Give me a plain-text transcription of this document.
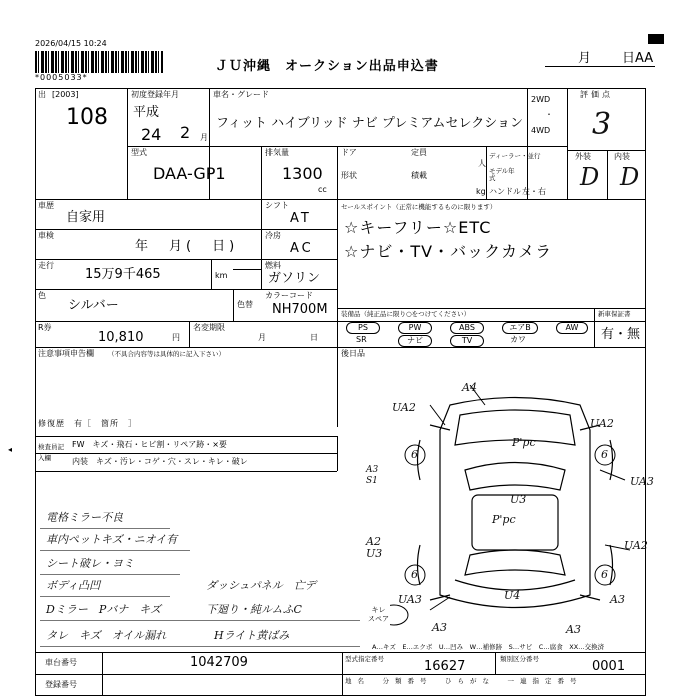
2026/04/15 10:24
*0005033*
ＪＵ沖縄　オークション出品申込書
月 日AA
出 [2003]
108
初度登録年月
平成
24 2 月
車名・グレード
フィット ハイブリッド ナビ プレミアムセレクション
2WD
・
4WD
型式
DAA-GP1
排気量
1300
cc
ドア	定員
人
形状	積載
kg
ディーラー・並行
モデル年式
ハンドル 左・右
評価点
3
外装	内装
D D
車歴
自家用
車検
年　月(　日)
走行
15万9千465	km
色
シルバー	色替
シフト
AT
冷房
AC
燃料
ガソリン
カラーコード
NH700M
セールスポイント（正常に機能するものに限ります）
☆キーフリー☆ETC
☆ナビ・TV・バックカメラ
R券
10,810	円
名変期限
月　日
装備品（純正品に限り○をつけてください）
PS	PW	ABS	エアB	AW
SR	ナビ	TV	カワ
新車保証書
有・無
後日品
注意事項申告欄 （不具合内容等は具体的に記入下さい）
修復歴　有［　箇所　］
検査員記入欄
FW　キズ・飛石・ヒビ割・リペア跡・×要
内装　キズ・汚レ・コゲ・穴・スレ・キレ・破レ
◂
電格ミラー不良
車内ペットキズ・ニオイ有
シート破レ・ヨミ
ボディ凸凹
Dミラー　Pバナ　キズ
タレ　キズ　オイル漏れ
ダッシュパネル　亡デ
下廻り・純ルムふC
Hライト黄ばみ
6	6
6	6
A4
UA2
UA2
P'pc
U3
P'pc
A3
S1	UA3
A2
U3
UA2
U4
UA3	A3
A3	A3
キレ
スペア
A…キズ　E…エクボ　U…凹み　W…補修跡　S…サビ　C…腐食　XX…交換済
車台番号	1042709
登録番号
型式指定番号	16627	類別区分番号	0001
地名　分類番号　ひらがな　一連指定番号
